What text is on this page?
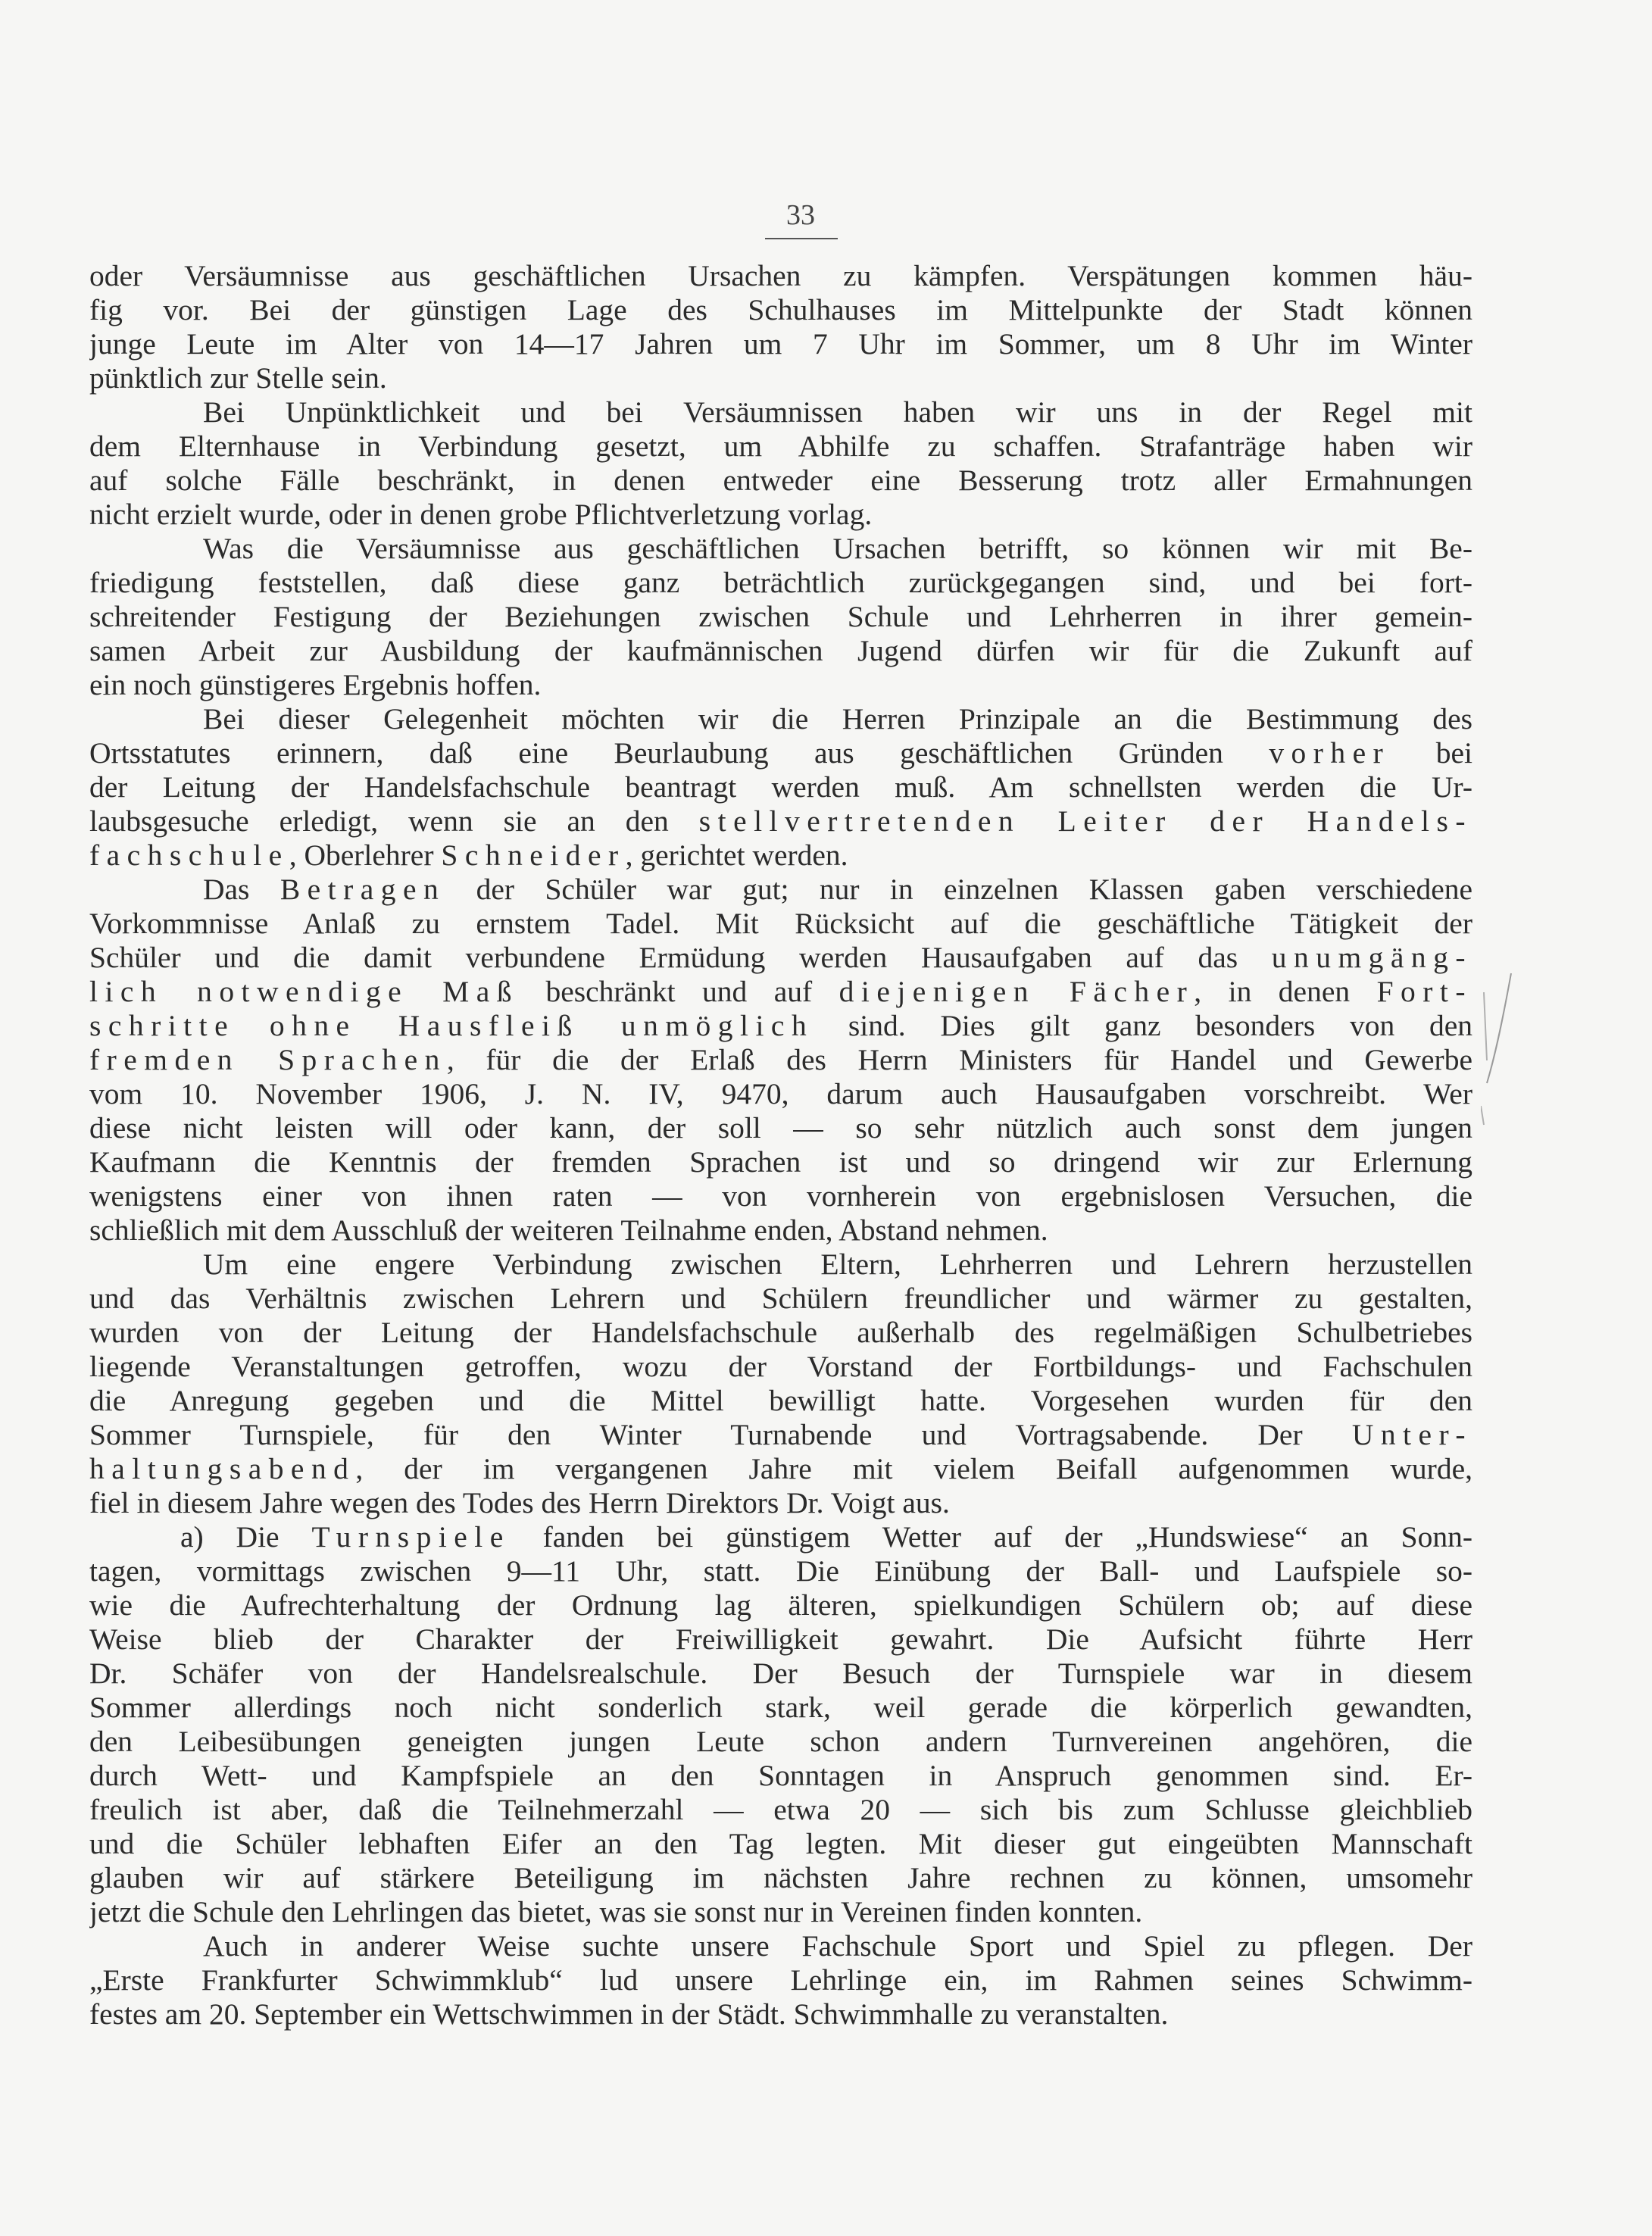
33
oder Versäumnisse aus geschäftlichen Ursachen zu kämpfen. Verspätungen kommen häu-
fig vor. Bei der günstigen Lage des Schulhauses im Mittelpunkte der Stadt können
junge Leute im Alter von 14—17 Jahren um 7 Uhr im Sommer, um 8 Uhr im Winter
pünktlich zur Stelle sein.
Bei Unpünktlichkeit und bei Versäumnissen haben wir uns in der Regel mit
dem Elternhause in Verbindung gesetzt, um Abhilfe zu schaffen. Strafanträge haben wir
auf solche Fälle beschränkt, in denen entweder eine Besserung trotz aller Ermahnungen
nicht erzielt wurde, oder in denen grobe Pflichtverletzung vorlag.
Was die Versäumnisse aus geschäftlichen Ursachen betrifft, so können wir mit Be-
friedigung feststellen, daß diese ganz beträchtlich zurückgegangen sind, und bei fort-
schreitender Festigung der Beziehungen zwischen Schule und Lehrherren in ihrer gemein-
samen Arbeit zur Ausbildung der kaufmännischen Jugend dürfen wir für die Zukunft auf
ein noch günstigeres Ergebnis hoffen.
Bei dieser Gelegenheit möchten wir die Herren Prinzipale an die Bestimmung des
Ortsstatutes erinnern, daß eine Beurlaubung aus geschäftlichen Gründen vorher bei
der Leitung der Handelsfachschule beantragt werden muß. Am schnellsten werden die Ur-
laubsgesuche erledigt, wenn sie an den stellvertretenden Leiter der Handels-
fachschule, Oberlehrer Schneider, gerichtet werden.
Das Betragen der Schüler war gut; nur in einzelnen Klassen gaben verschiedene
Vorkommnisse Anlaß zu ernstem Tadel. Mit Rücksicht auf die geschäftliche Tätigkeit der
Schüler und die damit verbundene Ermüdung werden Hausaufgaben auf das unumgäng-
lich notwendige Maß beschränkt und auf diejenigen Fächer, in denen Fort-
schritte ohne Hausfleiß unmöglich sind. Dies gilt ganz besonders von den
fremden Sprachen, für die der Erlaß des Herrn Ministers für Handel und Gewerbe
vom 10. November 1906, J. N. IV, 9470, darum auch Hausaufgaben vorschreibt. Wer
diese nicht leisten will oder kann, der soll — so sehr nützlich auch sonst dem jungen
Kaufmann die Kenntnis der fremden Sprachen ist und so dringend wir zur Erlernung
wenigstens einer von ihnen raten — von vornherein von ergebnislosen Versuchen, die
schließlich mit dem Ausschluß der weiteren Teilnahme enden, Abstand nehmen.
Um eine engere Verbindung zwischen Eltern, Lehrherren und Lehrern herzustellen
und das Verhältnis zwischen Lehrern und Schülern freundlicher und wärmer zu gestalten,
wurden von der Leitung der Handelsfachschule außerhalb des regelmäßigen Schulbetriebes
liegende Veranstaltungen getroffen, wozu der Vorstand der Fortbildungs- und Fachschulen
die Anregung gegeben und die Mittel bewilligt hatte. Vorgesehen wurden für den
Sommer Turnspiele, für den Winter Turnabende und Vortragsabende. Der Unter-
haltungsabend, der im vergangenen Jahre mit vielem Beifall aufgenommen wurde,
fiel in diesem Jahre wegen des Todes des Herrn Direktors Dr. Voigt aus.
a) Die Turnspiele fanden bei günstigem Wetter auf der „Hundswiese“ an Sonn-
tagen, vormittags zwischen 9—11 Uhr, statt. Die Einübung der Ball- und Laufspiele so-
wie die Aufrechterhaltung der Ordnung lag älteren, spielkundigen Schülern ob; auf diese
Weise blieb der Charakter der Freiwilligkeit gewahrt. Die Aufsicht führte Herr
Dr. Schäfer von der Handelsrealschule. Der Besuch der Turnspiele war in diesem
Sommer allerdings noch nicht sonderlich stark, weil gerade die körperlich gewandten,
den Leibesübungen geneigten jungen Leute schon andern Turnvereinen angehören, die
durch Wett- und Kampfspiele an den Sonntagen in Anspruch genommen sind. Er-
freulich ist aber, daß die Teilnehmerzahl — etwa 20 — sich bis zum Schlusse gleichblieb
und die Schüler lebhaften Eifer an den Tag legten. Mit dieser gut eingeübten Mannschaft
glauben wir auf stärkere Beteiligung im nächsten Jahre rechnen zu können, umsomehr
jetzt die Schule den Lehrlingen das bietet, was sie sonst nur in Vereinen finden konnten.
Auch in anderer Weise suchte unsere Fachschule Sport und Spiel zu pflegen. Der
„Erste Frankfurter Schwimmklub“ lud unsere Lehrlinge ein, im Rahmen seines Schwimm-
festes am 20. September ein Wettschwimmen in der Städt. Schwimmhalle zu veranstalten.
